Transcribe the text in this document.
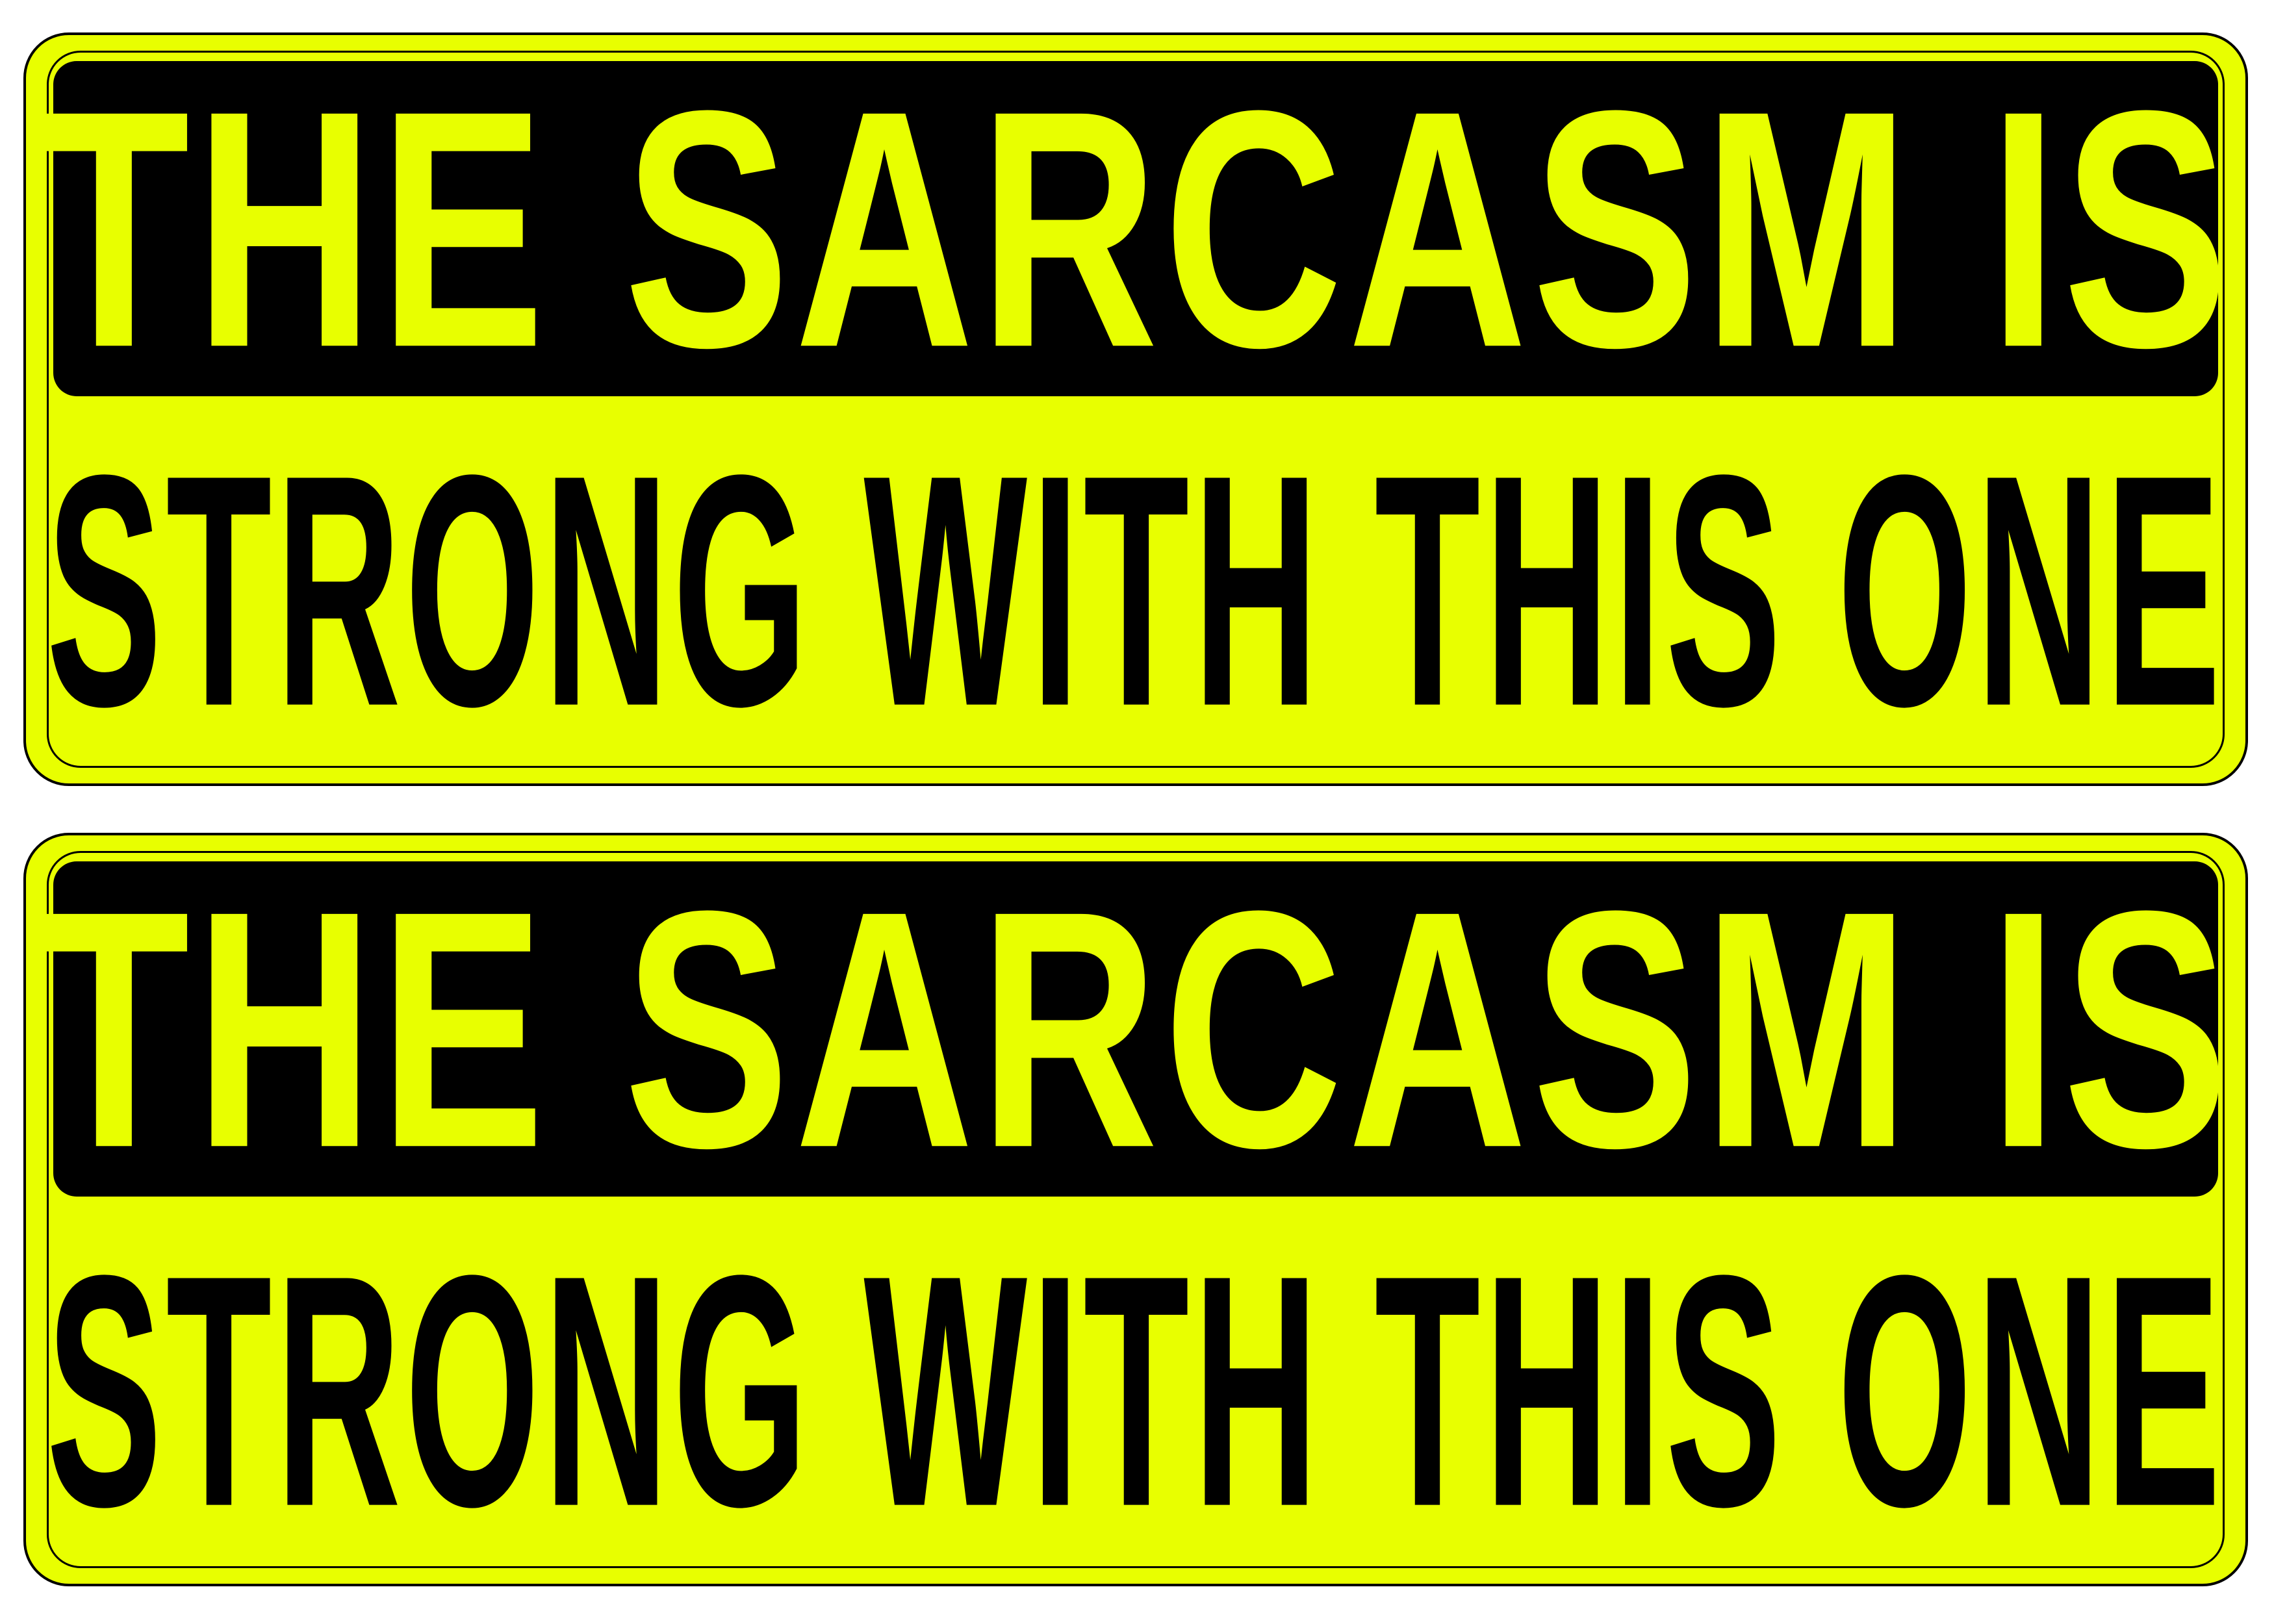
THE SARCASM IS
STRONG WITH THIS ONE
THE SARCASM IS
STRONG WITH THIS ONE
